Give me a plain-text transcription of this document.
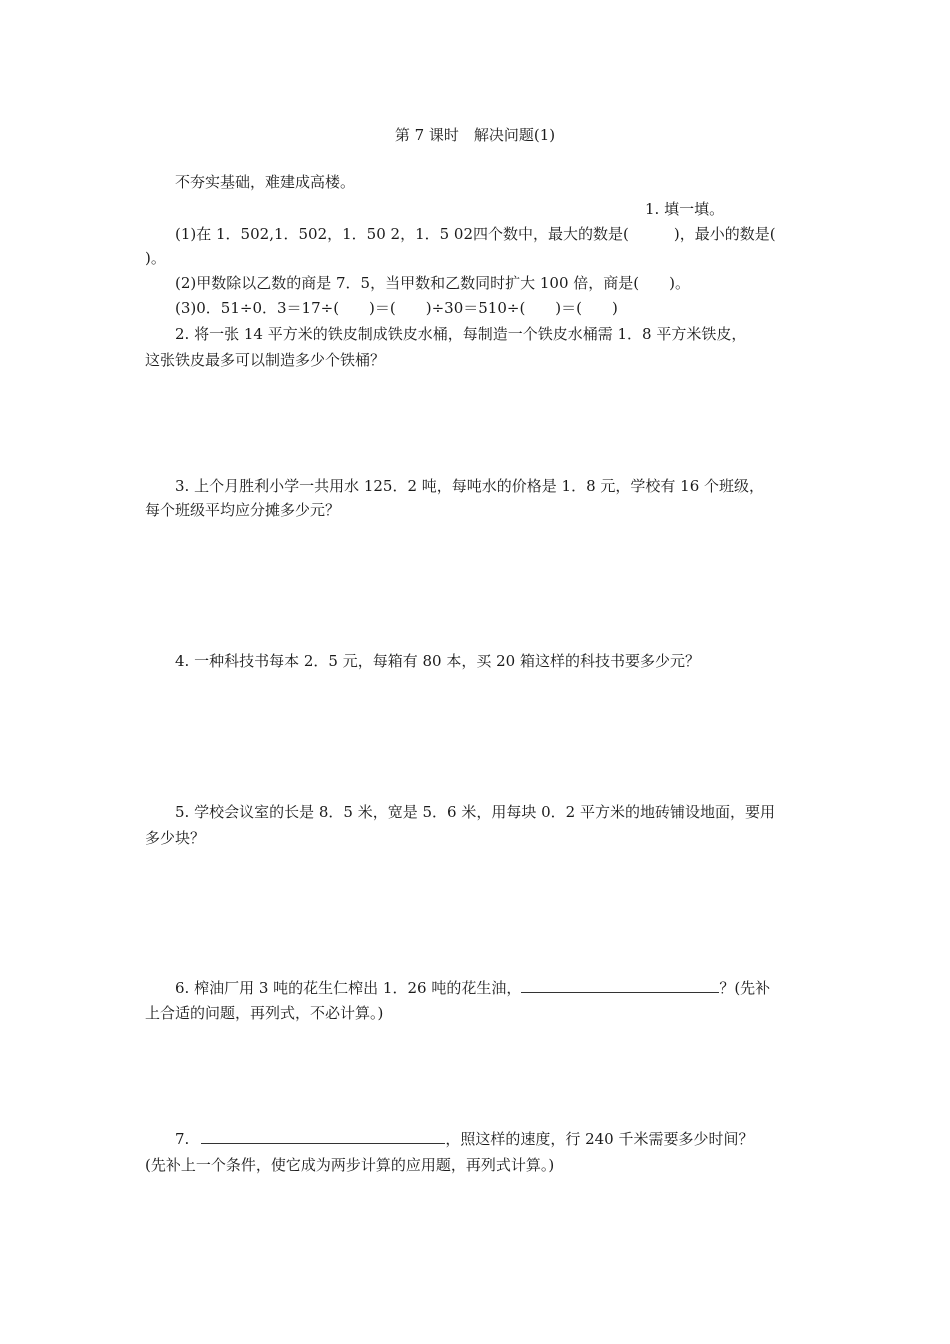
第 7 课时　解决问题(1)
不夯实基础，难建成高楼。
1. 填一填。
(1)在 1．502,1．502，1．50 2，1．5 02四个数中，最大的数是(　　　)，最小的数是(
)。
(2)甲数除以乙数的商是 7．5，当甲数和乙数同时扩大 100 倍，商是(　　)。
(3)0．51÷0．3＝17÷(　　)＝(　　)÷30＝510÷(　　)＝(　　)
2. 将一张 14 平方米的铁皮制成铁皮水桶，每制造一个铁皮水桶需 1．8 平方米铁皮，
这张铁皮最多可以制造多少个铁桶？
3. 上个月胜利小学一共用水 125．2 吨，每吨水的价格是 1．8 元，学校有 16 个班级，
每个班级平均应分摊多少元？
4. 一种科技书每本 2．5 元，每箱有 80 本，买 20 箱这样的科技书要多少元？
5. 学校会议室的长是 8．5 米，宽是 5．6 米，用每块 0．2 平方米的地砖铺设地面，要用
多少块？
6. 榨油厂用 3 吨的花生仁榨出 1．26 吨的花生油，	？(先补
上合适的问题，再列式，不必计算。)
7.	，照这样的速度，行 240 千米需要多少时间？
(先补上一个条件，使它成为两步计算的应用题，再列式计算。)
